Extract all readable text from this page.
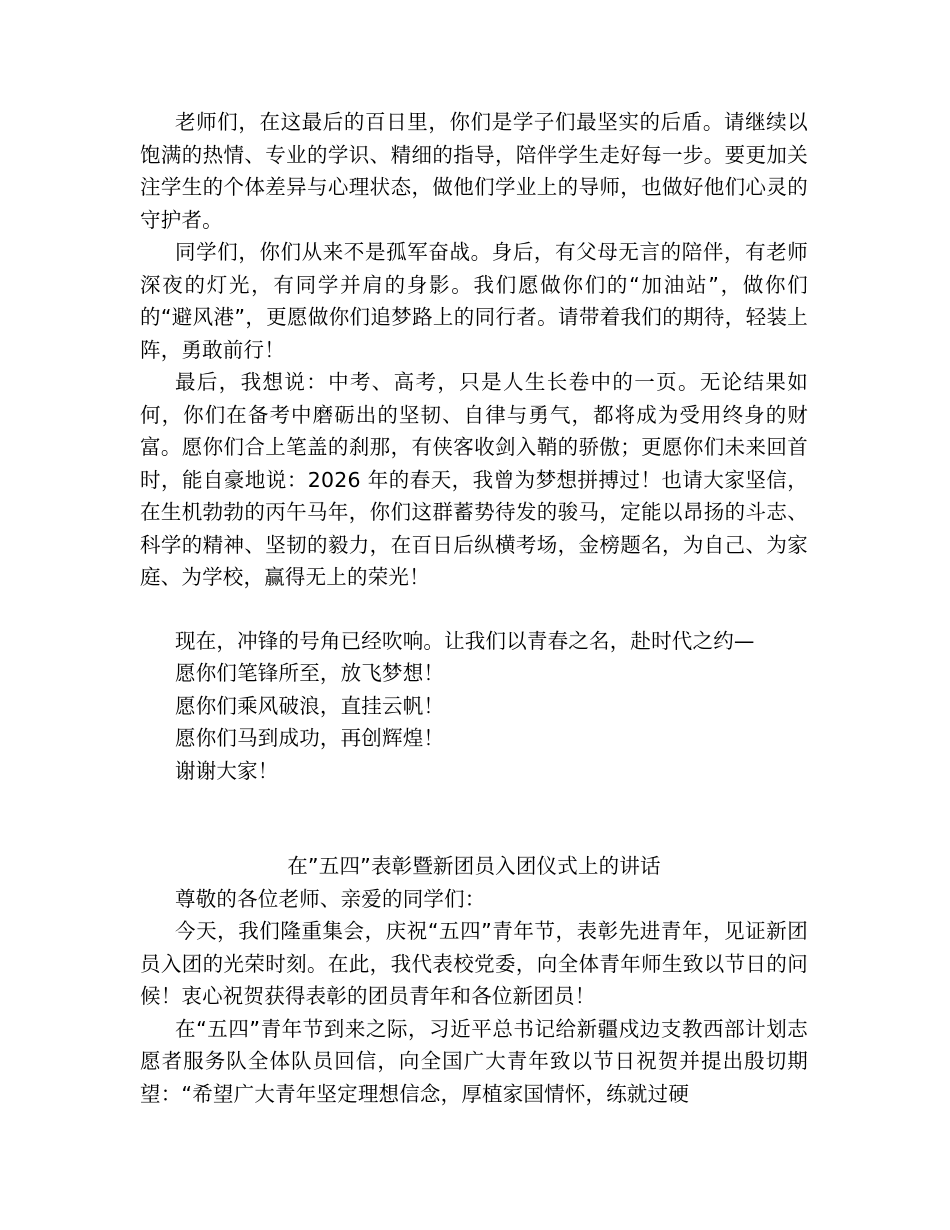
老师们，在这最后的百日里，你们是学子们最坚实的后盾。请继续以饱满的热情、专业的学识、精细的指导，陪伴学生走好每一步。要更加关注学生的个体差异与心理状态，做他们学业上的导师，也做好他们心灵的守护者。

同学们，你们从来不是孤军奋战。身后，有父母无言的陪伴，有老师深夜的灯光，有同学并肩的身影。我们愿做你们的“加油站”，做你们的“避风港”，更愿做你们追梦路上的同行者。请带着我们的期待，轻装上阵，勇敢前行！

最后，我想说：中考、高考，只是人生长卷中的一页。无论结果如何，你们在备考中磨砺出的坚韧、自律与勇气，都将成为受用终身的财富。愿你们合上笔盖的刹那，有侠客收剑入鞘的骄傲；更愿你们未来回首时，能自豪地说：2026 年的春天，我曾为梦想拼搏过！也请大家坚信，在生机勃勃的丙午马年，你们这群蓄势待发的骏马，定能以昂扬的斗志、科学的精神、坚韧的毅力，在百日后纵横考场，金榜题名，为自己、为家庭、为学校，赢得无上的荣光！

现在，冲锋的号角已经吹响。让我们以青春之名，赴时代之约—

愿你们笔锋所至，放飞梦想！

愿你们乘风破浪，直挂云帆！

愿你们马到成功，再创辉煌！

谢谢大家！

在”五四”表彰暨新团员入团仪式上的讲话

尊敬的各位老师、亲爱的同学们：

今天，我们隆重集会，庆祝“五四”青年节，表彰先进青年，见证新团员入团的光荣时刻。在此，我代表校党委，向全体青年师生致以节日的问候！衷心祝贺获得表彰的团员青年和各位新团员！

在“五四”青年节到来之际，习近平总书记给新疆戍边支教西部计划志愿者服务队全体队员回信，向全国广大青年致以节日祝贺并提出殷切期望：“希望广大青年坚定理想信念，厚植家国情怀，练就过硬
